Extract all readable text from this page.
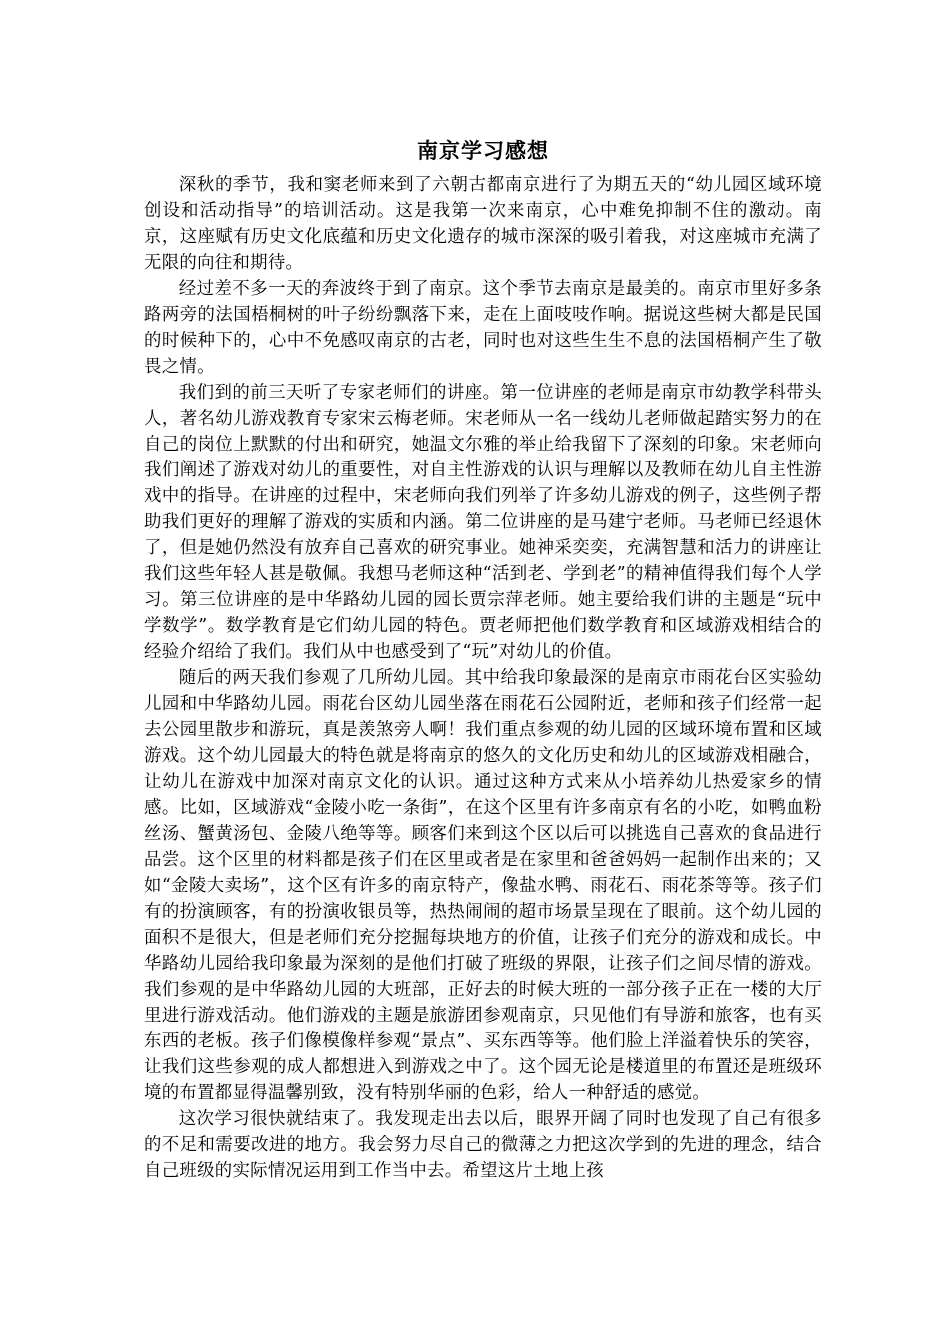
南京学习感想

深秋的季节，我和窦老师来到了六朝古都南京进行了为期五天的“幼儿园区域环境创设和活动指导”的培训活动。这是我第一次来南京，心中难免抑制不住的激动。南京，这座赋有历史文化底蕴和历史文化遗存的城市深深的吸引着我，对这座城市充满了无限的向往和期待。

经过差不多一天的奔波终于到了南京。这个季节去南京是最美的。南京市里好多条路两旁的法国梧桐树的叶子纷纷飘落下来，走在上面吱吱作响。据说这些树大都是民国的时候种下的，心中不免感叹南京的古老，同时也对这些生生不息的法国梧桐产生了敬畏之情。

我们到的前三天听了专家老师们的讲座。第一位讲座的老师是南京市幼教学科带头人，著名幼儿游戏教育专家宋云梅老师。宋老师从一名一线幼儿老师做起踏实努力的在自己的岗位上默默的付出和研究，她温文尔雅的举止给我留下了深刻的印象。宋老师向我们阐述了游戏对幼儿的重要性，对自主性游戏的认识与理解以及教师在幼儿自主性游戏中的指导。在讲座的过程中，宋老师向我们列举了许多幼儿游戏的例子，这些例子帮助我们更好的理解了游戏的实质和内涵。第二位讲座的是马建宁老师。马老师已经退休了，但是她仍然没有放弃自己喜欢的研究事业。她神采奕奕，充满智慧和活力的讲座让我们这些年轻人甚是敬佩。我想马老师这种“活到老、学到老”的精神值得我们每个人学习。第三位讲座的是中华路幼儿园的园长贾宗萍老师。她主要给我们讲的主题是“玩中学数学”。数学教育是它们幼儿园的特色。贾老师把他们数学教育和区域游戏相结合的经验介绍给了我们。我们从中也感受到了“玩”对幼儿的价值。

随后的两天我们参观了几所幼儿园。其中给我印象最深的是南京市雨花台区实验幼儿园和中华路幼儿园。雨花台区幼儿园坐落在雨花石公园附近，老师和孩子们经常一起去公园里散步和游玩，真是羡煞旁人啊！我们重点参观的幼儿园的区域环境布置和区域游戏。这个幼儿园最大的特色就是将南京的悠久的文化历史和幼儿的区域游戏相融合，让幼儿在游戏中加深对南京文化的认识。通过这种方式来从小培养幼儿热爱家乡的情感。比如，区域游戏“金陵小吃一条街”，在这个区里有许多南京有名的小吃，如鸭血粉丝汤、蟹黄汤包、金陵八绝等等。顾客们来到这个区以后可以挑选自己喜欢的食品进行品尝。这个区里的材料都是孩子们在区里或者是在家里和爸爸妈妈一起制作出来的；又如“金陵大卖场”，这个区有许多的南京特产，像盐水鸭、雨花石、雨花茶等等。孩子们有的扮演顾客，有的扮演收银员等，热热闹闹的超市场景呈现在了眼前。这个幼儿园的面积不是很大，但是老师们充分挖掘每块地方的价值，让孩子们充分的游戏和成长。中华路幼儿园给我印象最为深刻的是他们打破了班级的界限，让孩子们之间尽情的游戏。我们参观的是中华路幼儿园的大班部，正好去的时候大班的一部分孩子正在一楼的大厅里进行游戏活动。他们游戏的主题是旅游团参观南京，只见他们有导游和旅客，也有买东西的老板。孩子们像模像样参观“景点”、买东西等等。他们脸上洋溢着快乐的笑容，让我们这些参观的成人都想进入到游戏之中了。这个园无论是楼道里的布置还是班级环境的布置都显得温馨别致，没有特别华丽的色彩，给人一种舒适的感觉。

这次学习很快就结束了。我发现走出去以后，眼界开阔了同时也发现了自己有很多的不足和需要改进的地方。我会努力尽自己的微薄之力把这次学到的先进的理念，结合自己班级的实际情况运用到工作当中去。希望这片土地上孩
